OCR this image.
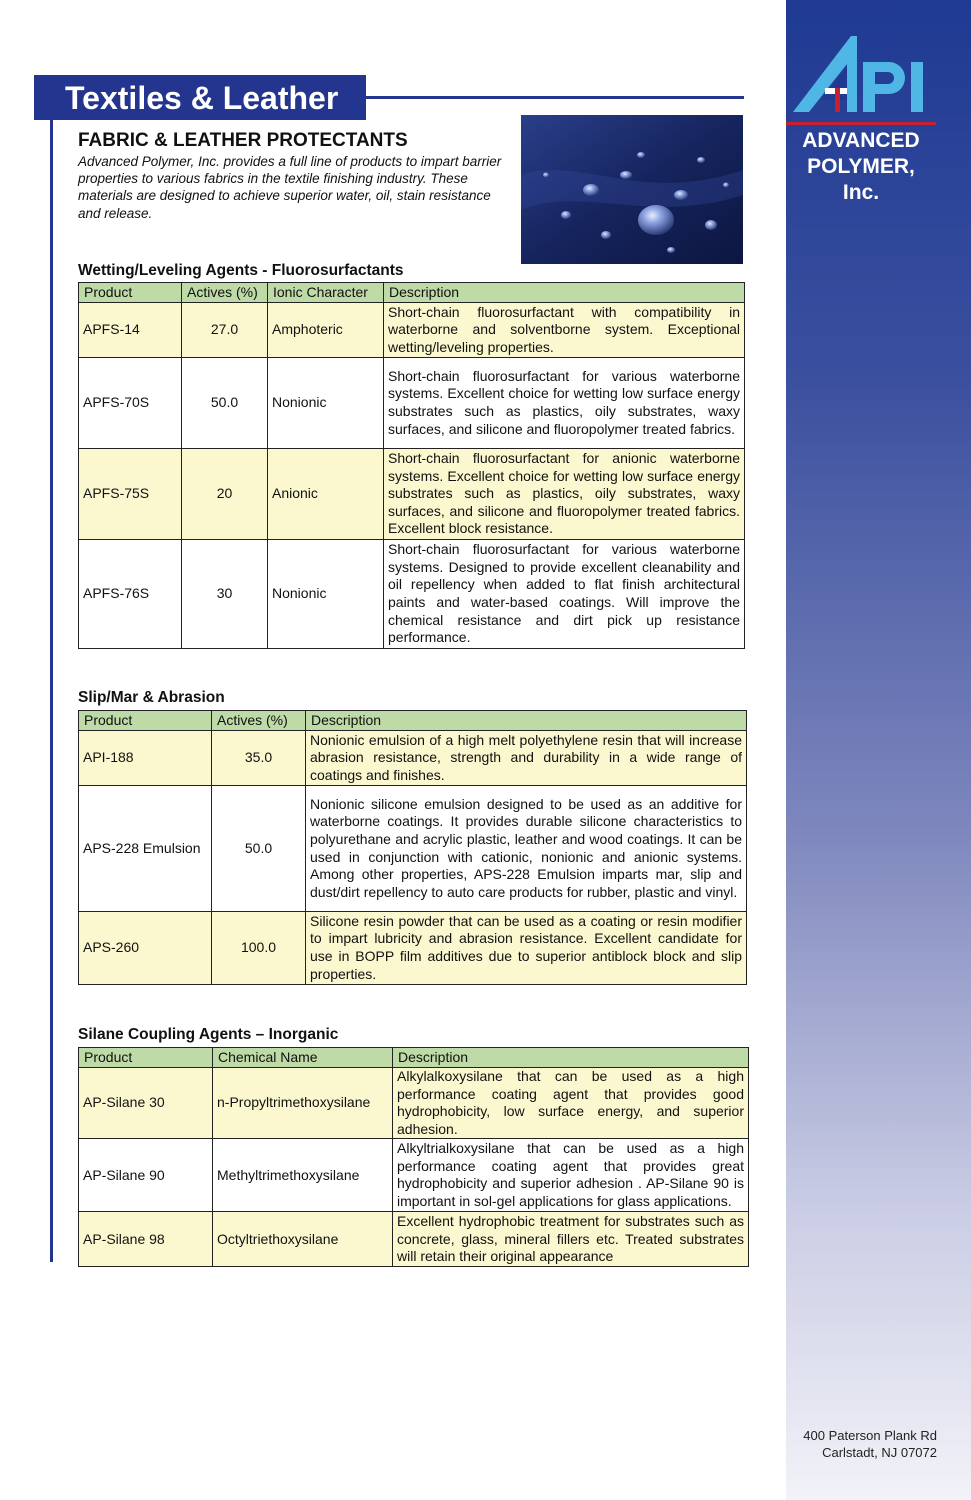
API
ADVANCED
POLYMER,
Inc.
400 Paterson Plank Rd
Carlstadt, NJ 07072
Textiles & Leather
FABRIC & LEATHER PROTECTANTS
Advanced Polymer, Inc. provides a full line of products to impart barrier properties to various fabrics in the textile finishing industry. These materials are designed to achieve superior water, oil, stain resistance and release.
Wetting/Leveling Agents - Fluorosurfactants
Product	Actives (%)	Ionic Character	Description
APFS-14	27.0	Amphoteric	Short-chain fluorosurfactant with compatibility in waterborne and solventborne system. Exceptional wetting/leveling properties.
APFS-70S	50.0	Nonionic	Short-chain fluorosurfactant for various waterborne systems. Excellent choice for wetting low surface energy substrates such as plastics, oily substrates, waxy surfaces, and silicone and fluoropolymer treated fabrics.
APFS-75S	20	Anionic	Short-chain fluorosurfactant for anionic waterborne systems. Excellent choice for wetting low surface energy substrates such as plastics, oily substrates, waxy surfaces, and silicone and fluoropolymer treated fabrics. Excellent block resistance.
APFS-76S	30	Nonionic	Short-chain fluorosurfactant for various waterborne systems. Designed to provide excellent cleanability and oil repellency when added to flat finish architectural paints and water-based coatings. Will improve the chemical resistance and dirt pick up resistance performance.
Slip/Mar & Abrasion
Product	Actives (%)	Description
API-188	35.0	Nonionic emulsion of a high melt polyethylene resin that will increase abrasion resistance, strength and durability in a wide range of coatings and finishes.
APS-228 Emulsion	50.0	Nonionic silicone emulsion designed to be used as an additive for waterborne coatings. It provides durable silicone characteristics to polyurethane and acrylic plastic, leather and wood coatings. It can be used in conjunction with cationic, nonionic and anionic systems. Among other properties, APS-228 Emulsion imparts mar, slip and dust/dirt repellency to auto care products for rubber, plastic and vinyl.
APS-260	100.0	Silicone resin powder that can be used as a coating or resin modifier to impart lubricity and abrasion resistance. Excellent candidate for use in BOPP film additives due to superior antiblock block and slip properties.
Silane Coupling Agents – Inorganic
Product	Chemical Name	Description
AP-Silane 30	n-Propyltrimethoxysilane	Alkylalkoxysilane that can be used as a high performance coating agent that provides good hydrophobicity, low surface energy, and superior adhesion.
AP-Silane 90	Methyltrimethoxysilane	Alkyltrialkoxysilane that can be used as a high performance coating agent that provides great hydrophobicity and superior adhesion . AP-Silane 90 is important in sol-gel applications for glass applications.
AP-Silane 98	Octyltriethoxysilane	Excellent hydrophobic treatment for substrates such as concrete, glass, mineral fillers etc. Treated substrates will retain their original appearance
